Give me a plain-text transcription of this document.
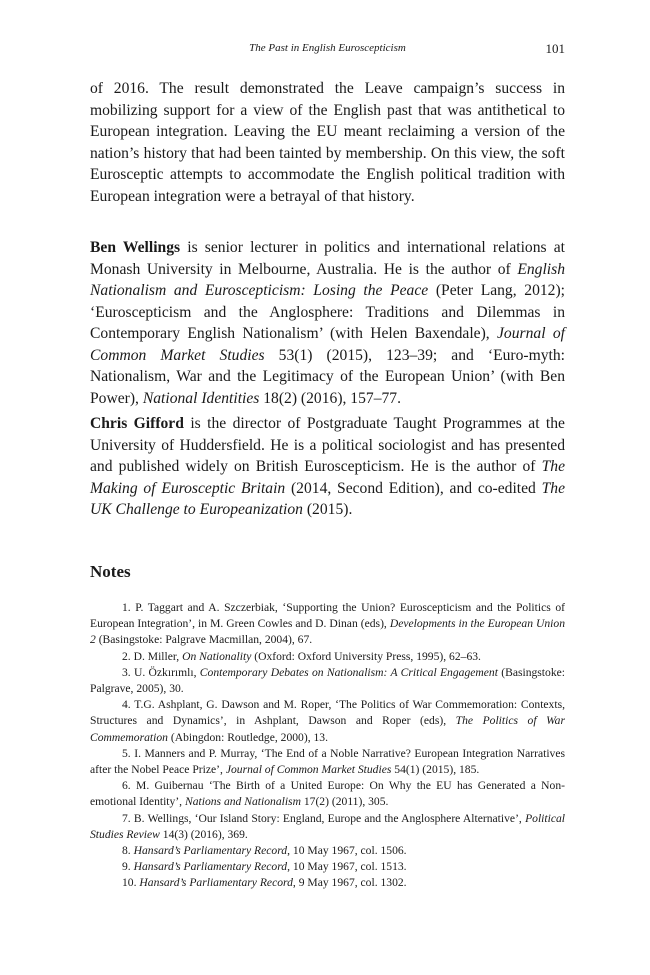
The Past in English Euroscepticism	101

of 2016. The result demonstrated the Leave campaign’s success in mobilizing support for a view of the English past that was antithetical to European integration. Leaving the EU meant reclaiming a version of the nation’s history that had been tainted by membership. On this view, the soft Eurosceptic attempts to accommodate the English political tradition with European integration were a betrayal of that history.

Ben Wellings is senior lecturer in politics and international relations at Monash University in Melbourne, Australia. He is the author of English Nationalism and Euroscepticism: Losing the Peace (Peter Lang, 2012); ‘Euroscepticism and the Anglosphere: Traditions and Dilemmas in Contemporary English Nationalism’ (with Helen Baxendale), Journal of Common Market Studies 53(1) (2015), 123–39; and ‘Euro-myth: Nationalism, War and the Legitimacy of the European Union’ (with Ben Power), National Identities 18(2) (2016), 157–77.

Chris Gifford is the director of Postgraduate Taught Programmes at the University of Huddersfield. He is a political sociologist and has presented and published widely on British Euroscepticism. He is the author of The Making of Eurosceptic Britain (2014, Second Edition), and co-edited The UK Challenge to Europeanization (2015).

Notes
1. P. Taggart and A. Szczerbiak, ‘Supporting the Union? Euroscepticism and the Politics of European Integration’, in M. Green Cowles and D. Dinan (eds), Developments in the European Union 2 (Basingstoke: Palgrave Macmillan, 2004), 67.
2. D. Miller, On Nationality (Oxford: Oxford University Press, 1995), 62–63.
3. U. Özkırımlı, Contemporary Debates on Nationalism: A Critical Engagement (Basingstoke: Palgrave, 2005), 30.
4. T.G. Ashplant, G. Dawson and M. Roper, ‘The Politics of War Commemoration: Contexts, Structures and Dynamics’, in Ashplant, Dawson and Roper (eds), The Politics of War Commemoration (Abingdon: Routledge, 2000), 13.
5. I. Manners and P. Murray, ‘The End of a Noble Narrative? European Integration Narratives after the Nobel Peace Prize’, Journal of Common Market Studies 54(1) (2015), 185.
6. M. Guibernau ‘The Birth of a United Europe: On Why the EU has Generated a Non-emotional Identity’, Nations and Nationalism 17(2) (2011), 305.
7. B. Wellings, ‘Our Island Story: England, Europe and the Anglosphere Alternative’, Political Studies Review 14(3) (2016), 369.
8. Hansard’s Parliamentary Record, 10 May 1967, col. 1506.
9. Hansard’s Parliamentary Record, 10 May 1967, col. 1513.
10. Hansard’s Parliamentary Record, 9 May 1967, col. 1302.
